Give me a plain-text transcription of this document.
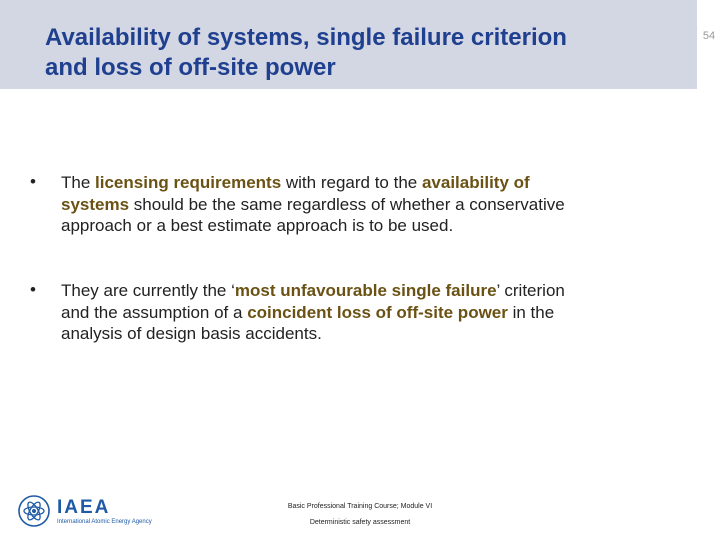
Availability of systems, single failure criterion
and loss of off-site power
54
• The licensing requirements with regard to the availability of
systems should be the same regardless of whether a conservative
approach or a best estimate approach is to be used.
• They are currently the ‘most unfavourable single failure’ criterion
and the assumption of a coincident loss of off-site power in the
analysis of design basis accidents.
IAEA
International Atomic Energy Agency
Basic Professional Training Course; Module VI
Deterministic safety assessment
